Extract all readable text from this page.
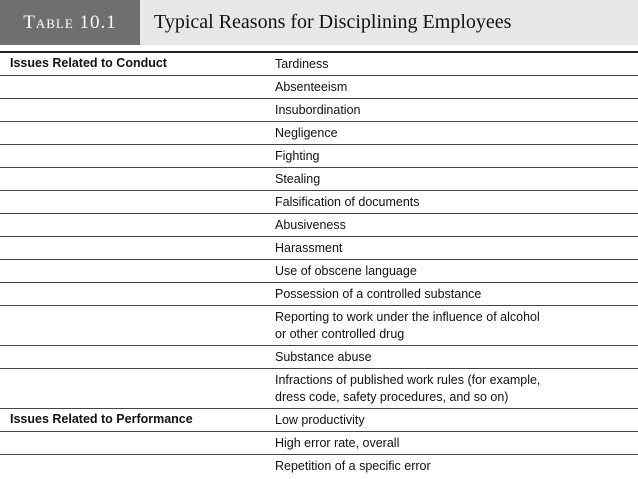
Table 10.1	Typical Reasons for Disciplining Employees
Issues Related to Conduct	Tardiness
Absenteeism
Insubordination
Negligence
Fighting
Stealing
Falsification of documents
Abusiveness
Harassment
Use of obscene language
Possession of a controlled substance
Reporting to work under the influence of alcohol
or other controlled drug
Substance abuse
Infractions of published work rules (for example,
dress code, safety procedures, and so on)
Issues Related to Performance	Low productivity
High error rate, overall
Repetition of a specific error
